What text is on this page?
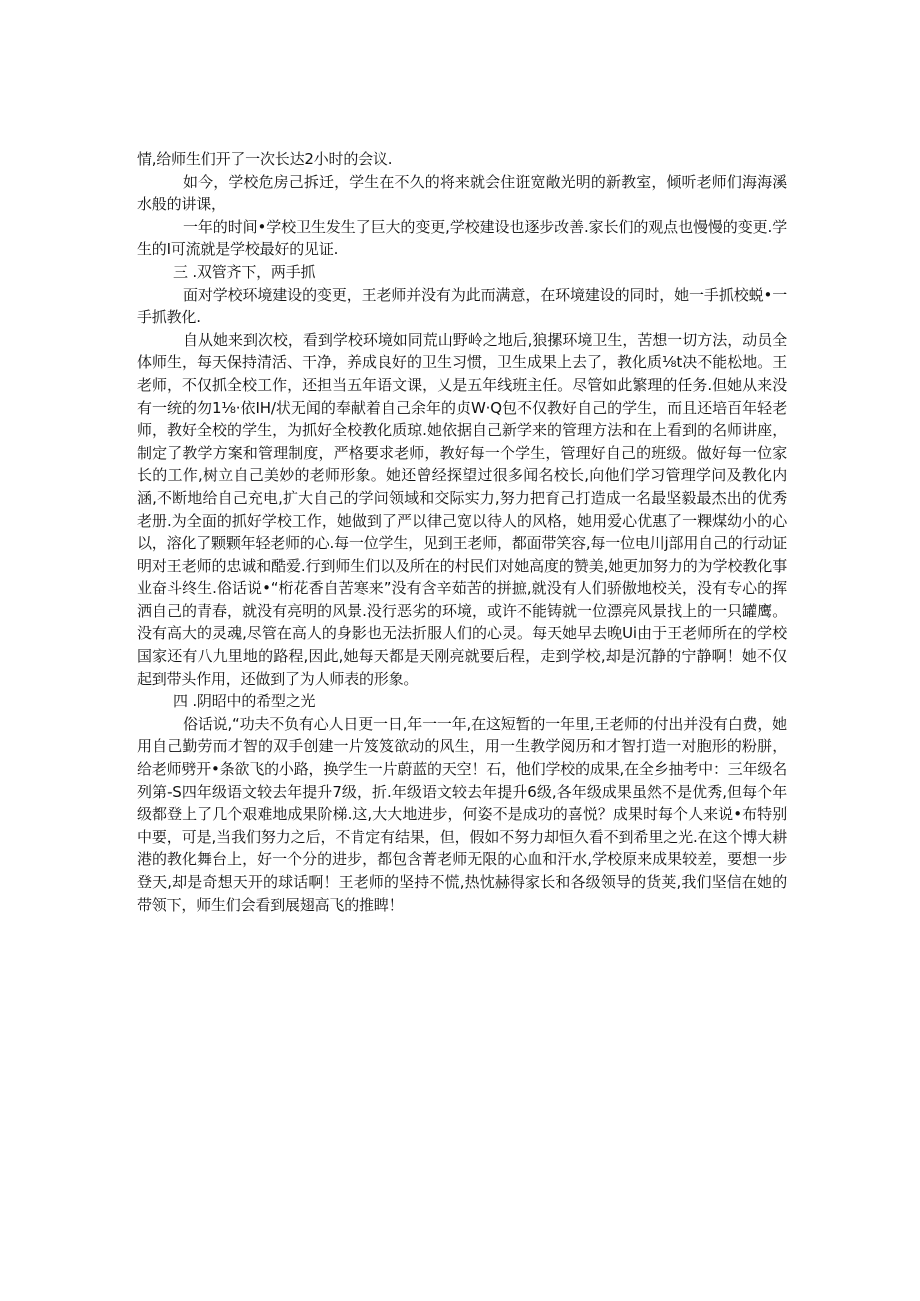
情,给师生们开了一次长达2小时的会议.

如今，学校危房己拆迁，学生在不久的将来就会住诳宽敞光明的新教室，倾听老师们海海溪水般的讲课，

一年的时间•学校卫生发生了巨大的变更,学校建设也逐步改善.家长们的观点也慢慢的变更.学生的I可流就是学校最好的见证.

三 .双管齐下，两手抓

面对学校环境建设的变更，王老师并没有为此而满意，在环境建设的同时，她一手抓校蜕•一手抓教化.

自从她来到次校，看到学校环境如同荒山野岭之地后,狼摞环境卫生，苦想一切方法，动员全体师生，每天保持清活、干净，养成良好的卫生习惯，卫生成果上去了，教化质⅛t决不能松地。王老师，不仅抓全校工作，还担当五年语文课，乂是五年线班主任。尽管如此繁理的任务.但她从来没有一统的勿1⅛·依IH/状无闻的奉献着自己余年的贞W·Q包不仅教好自己的学生，而且还培百年轻老师，教好全校的学生，为抓好全校教化质琼.她依据自己新学来的管理方法和在上看到的名师讲座，制定了教学方案和管理制度，严格要求老师，教好每一个学生，管理好自己的班级。做好每一位家长的工作,树立自己美妙的老师形象。她还曾经探望过很多闻名校长,向他们学习管理学问及教化内涵,不断地给自己充电,扩大自己的学问领域和交际实力,努力把育己打造成一名最坚毅最杰出的优秀老册.为全面的抓好学校工作，她做到了严以律己宽以待人的风格，她用爱心优惠了一粿煤幼小的心以，溶化了颗颗年轻老师的心.每一位学生，见到王老师，都面带笑容,每一位电川j部用自己的行动证明对王老师的忠诚和酷爱.行到师生们以及所在的村民们对她高度的赞美,她更加努力的为学校教化事业奋斗终生.俗话说•“桁花香自苦寒来”没有含辛茹苦的拼摭,就没有人们骄傲地校关，没有专心的挥洒自己的青春，就没有亮明的风景.没行恶劣的环境，或许不能铸就一位漂亮风景找上的一只罐鹰。没有高大的灵魂,尽管在高人的身影也无法折服人们的心灵。每天她早去晚Ui由于王老师所在的学校国家还有八九里地的路程,因此,她每天都是天刚亮就要后程，走到学校,却是沉静的宁静啊！她不仅起到带头作用，还做到了为人师表的形象。

四 .阴昭中的希型之光

俗话说,“功夫不负有心人日更一日,年一一年,在这短暂的一年里,王老师的付出并没有白费，她用自己勤劳而才智的双手创建一片笈笈欲动的风生，用一生教学阅历和才智打造一对胞形的粉胼，给老师劈开•条欲飞的小路，换学生一片蔚蓝的天空！石，他们学校的成果,在全乡抽考中：三年级名列第-S四年级语文较去年提升7级，折.年级语文较去年提升6级,各年级成果虽然不是优秀,但每个年级都登上了几个艰难地成果阶梯.这,大大地进步，何姿不是成功的喜悦？成果时每个人来说•布特别中要，可是,当我们努力之后，不肯定有结果，但，假如不努力却恒久看不到希里之光.在这个博大耕港的教化舞台上，好一个分的进步，都包含菁老师无限的心血和汗水,学校原来成果较差，要想一步登天,却是奇想天开的球话啊！王老师的坚持不慌,热忱赫得家长和各级领导的货荚,我们坚信在她的带领下，师生们会看到展翅高飞的推睥！
